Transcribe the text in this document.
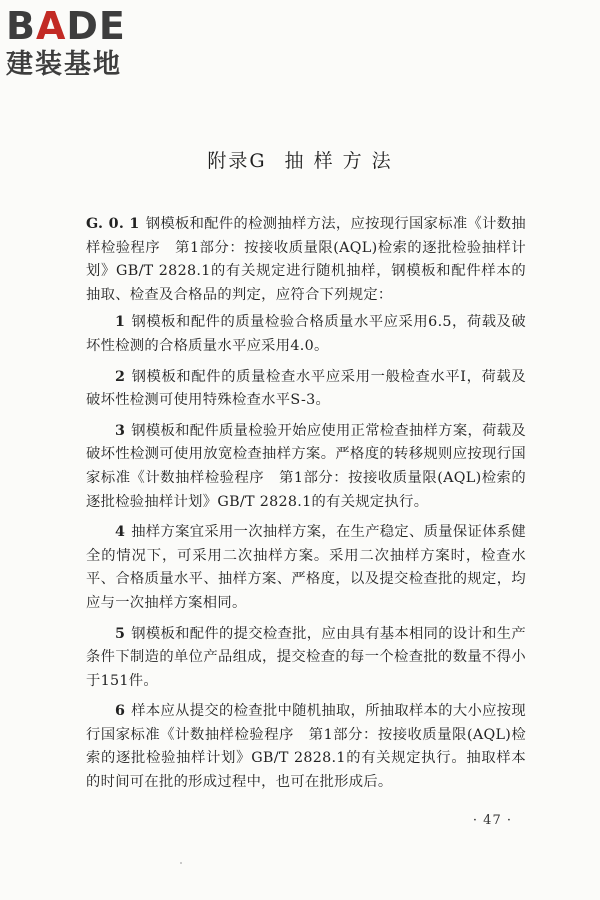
B A DE
建装基地
附录G 抽 样 方 法

G. 0. 1 钢模板和配件的检测抽样方法，应按现行国家标准《计数抽样检验程序　第1部分：按接收质量限(AQL)检索的逐批检验抽样计划》GB/T 2828.1的有关规定进行随机抽样，钢模板和配件样本的抽取、检查及合格品的判定，应符合下列规定：

1 钢模板和配件的质量检验合格质量水平应采用6.5，荷载及破坏性检测的合格质量水平应采用4.0。

2 钢模板和配件的质量检查水平应采用一般检查水平Ⅰ，荷载及破坏性检测可使用特殊检查水平S-3。

3 钢模板和配件质量检验开始应使用正常检查抽样方案，荷载及破坏性检测可使用放宽检查抽样方案。严格度的转移规则应按现行国家标准《计数抽样检验程序　第1部分：按接收质量限(AQL)检索的逐批检验抽样计划》GB/T 2828.1的有关规定执行。

4 抽样方案宜采用一次抽样方案，在生产稳定、质量保证体系健全的情况下，可采用二次抽样方案。采用二次抽样方案时，检查水平、合格质量水平、抽样方案、严格度，以及提交检查批的规定，均应与一次抽样方案相同。

5 钢模板和配件的提交检查批，应由具有基本相同的设计和生产条件下制造的单位产品组成，提交检查的每一个检查批的数量不得小于151件。

6 样本应从提交的检查批中随机抽取，所抽取样本的大小应按现行国家标准《计数抽样检验程序　第1部分：按接收质量限(AQL)检索的逐批检验抽样计划》GB/T 2828.1的有关规定执行。抽取样本的时间可在批的形成过程中，也可在批形成后。

· 47 ·
